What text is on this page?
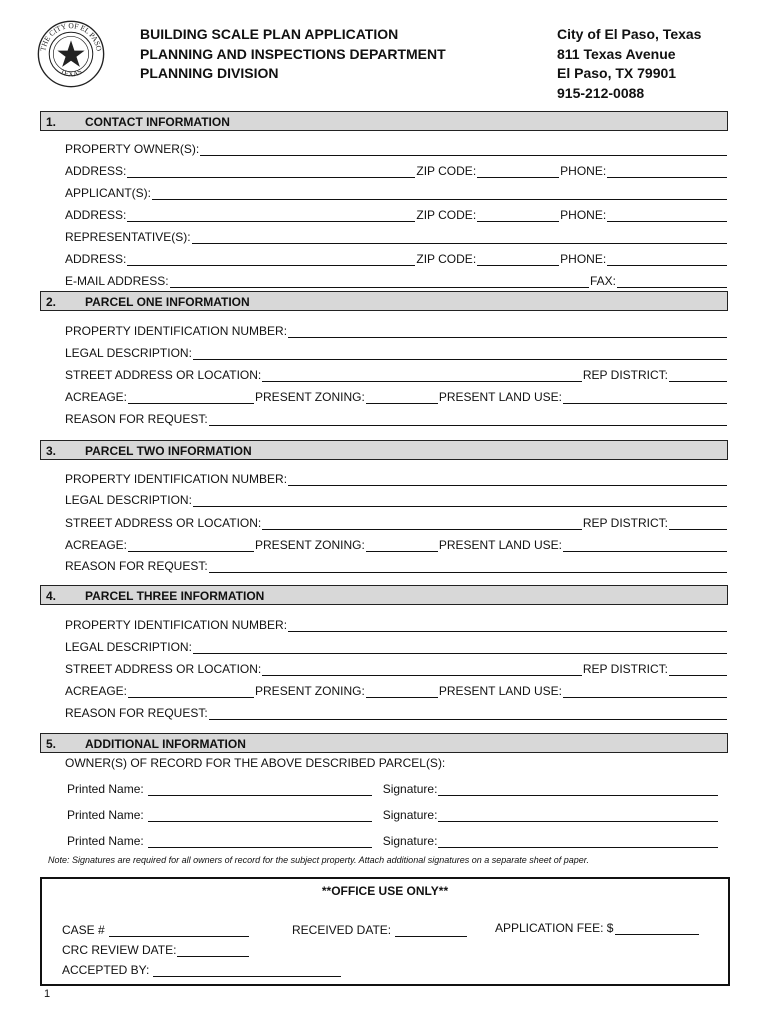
THE CITY OF EL PASO
TEXAS
BUILDING SCALE PLAN APPLICATION
PLANNING AND INSPECTIONS DEPARTMENT
PLANNING DIVISION
City of El Paso, Texas
811 Texas Avenue
El Paso, TX 79901
915-212-0088
1. CONTACT INFORMATION
PROPERTY OWNER(S):
ADDRESS:	ZIP CODE:	PHONE:
APPLICANT(S):
ADDRESS:	ZIP CODE:	PHONE:
REPRESENTATIVE(S):
ADDRESS:	ZIP CODE:	PHONE:
E-MAIL ADDRESS:	FAX:
2. PARCEL ONE INFORMATION
PROPERTY IDENTIFICATION NUMBER:
LEGAL DESCRIPTION:
STREET ADDRESS OR LOCATION:	REP DISTRICT:
ACREAGE:	PRESENT ZONING:	PRESENT LAND USE:
REASON FOR REQUEST:
3. PARCEL TWO INFORMATION
PROPERTY IDENTIFICATION NUMBER:
LEGAL DESCRIPTION:
STREET ADDRESS OR LOCATION:	REP DISTRICT:
ACREAGE:	PRESENT ZONING:	PRESENT LAND USE:
REASON FOR REQUEST:
4. PARCEL THREE INFORMATION
PROPERTY IDENTIFICATION NUMBER:
LEGAL DESCRIPTION:
STREET ADDRESS OR LOCATION:	REP DISTRICT:
ACREAGE:	PRESENT ZONING:	PRESENT LAND USE:
REASON FOR REQUEST:
5. ADDITIONAL INFORMATION
OWNER(S) OF RECORD FOR THE ABOVE DESCRIBED PARCEL(S):
Printed Name:	Signature:
Printed Name:	Signature:
Printed Name:	Signature:
Note: Signatures are required for all owners of record for the subject property. Attach additional signatures on a separate sheet of paper.
**OFFICE USE ONLY**
CASE #	RECEIVED DATE:	APPLICATION FEE: $
CRC REVIEW DATE:
ACCEPTED BY:
1
